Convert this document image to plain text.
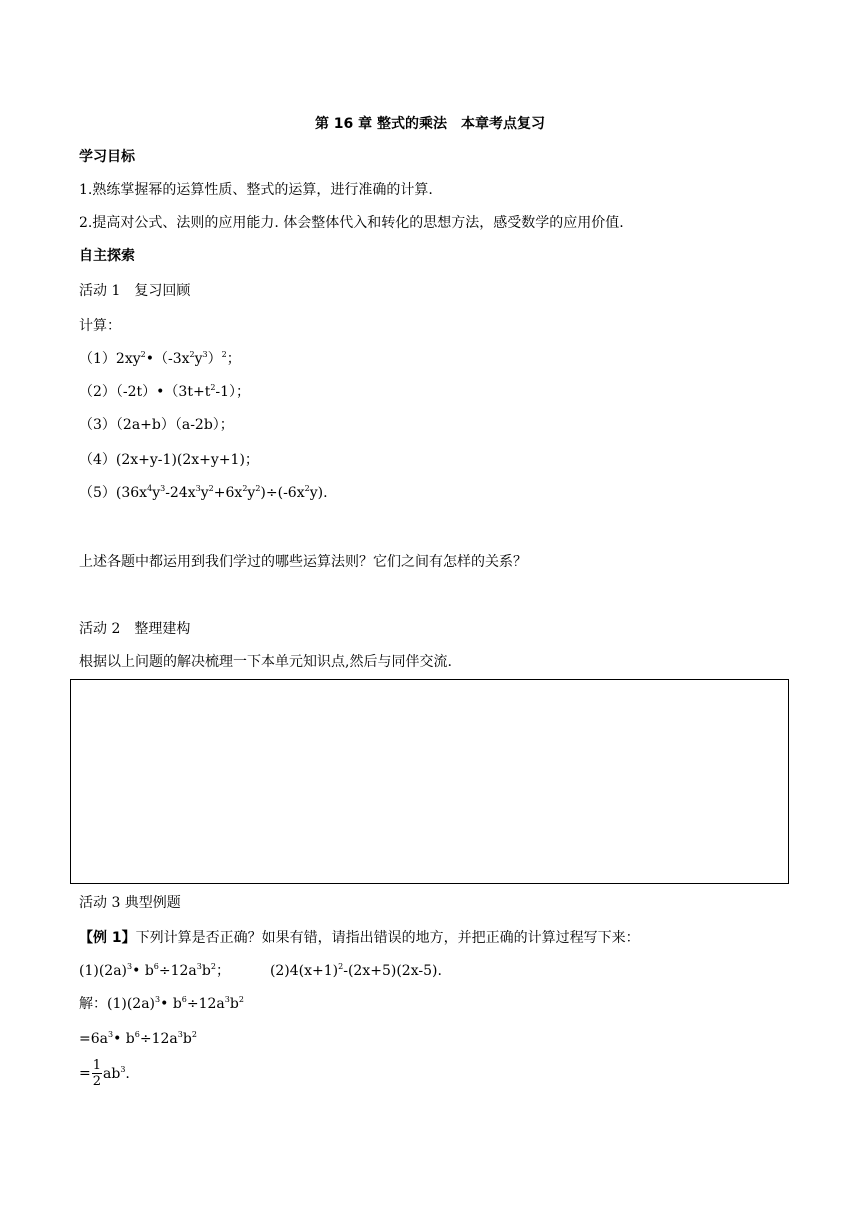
第 16 章 整式的乘法　本章考点复习
学习目标
1.熟练掌握幂的运算性质、整式的运算，进行准确的计算.
2.提高对公式、法则的应用能力. 体会整体代入和转化的思想方法，感受数学的应用价值.
自主探索
活动 1　复习回顾
计算：
$(1)2xy^2•(-3x^2y^3)^2$；
$(2)(-2t)•(3t+t^2-1)$；
（3）（2a+b）（a-2b）；
（4）(2x+y-1)(2x+y+1)；
$(5)(36x^4y^3-24x^3y^2+6x^2y^2)\div(-6x^2y)$.
上述各题中都运用到我们学过的哪些运算法则？它们之间有怎样的关系？
活动 2　整理建构
根据以上问题的解决梳理一下本单元知识点,然后与同伴交流.
活动 3 典型例题
【例 1】下列计算是否正确？如果有错，请指出错误的地方，并把正确的计算过程写下来：
$(1)(2a)^3•$ $b^6\div 12a^3b^2$；	$(2)4(x+1)^2-(2x+5)(2x-5)$.
解：$(1)(2a)^3•$ $b^6\div 12a^3b^2$
$=6a^3•$ $b^6\div 12a^3b^2$
= $\frac{1}{2} ab^3$.
